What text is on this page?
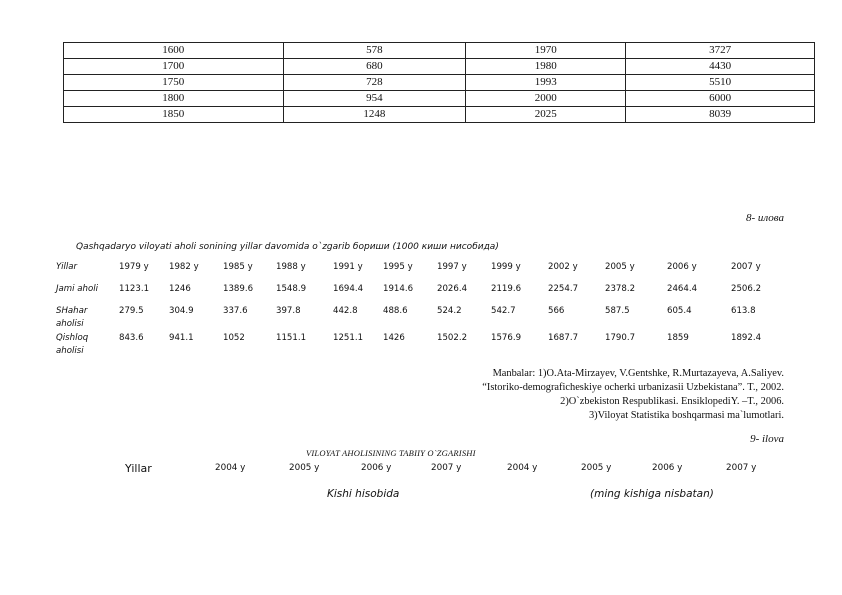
1600	578	1970	3727
1700	680	1980	4430
1750	728	1993	5510
1800	954	2000	6000
1850	1248	2025	8039
8- илова
Qashqadaryo viloyati aholi sonining yillar davomida o`zgarib бориши (1000 киши нисобида)
Yillar	1979 y 1982 y	1985 y	1988 y	1991 y 1995 y	1997 y	1999 y	2002 y	2005 y	2006 y	2007 y
Jami aholi 1123.1 1246	1389.6	1548.9	1694.4 1914.6	2026.4	2119.6	2254.7	2378.2	2464.4	2506.2
SHahar
aholisi
279.5	304.9	337.6	397.8	442.8	488.6	524.2	542.7	566	587.5	605.4	613.8
Qishloq
aholisi
843.6	941.1	1052	1151.1	1251.1 1426	1502.2	1576.9	1687.7	1790.7	1859	1892.4
Manbalar: 1)O.Ata-Mirzayev, V.Gentshke, R.Murtazayeva, A.Saliyev.
“Istoriko-demograficheskiye ocherki urbanizasii Uzbekistana”. T., 2002.
2)O`zbekiston Respublikasi. EnsiklopediY. –T., 2006.
3)Viloyat Statistika boshqarmasi ma`lumotlari.
9- ilova
VILOYAT AHOLISINING TABIIY O`ZGARISHI
Yillar	2004 y	2005 y	2006 y	2007 y	2004 y	2005 y	2006 y	2007 y
Kishi hisobida	(ming kishiga nisbatan)
